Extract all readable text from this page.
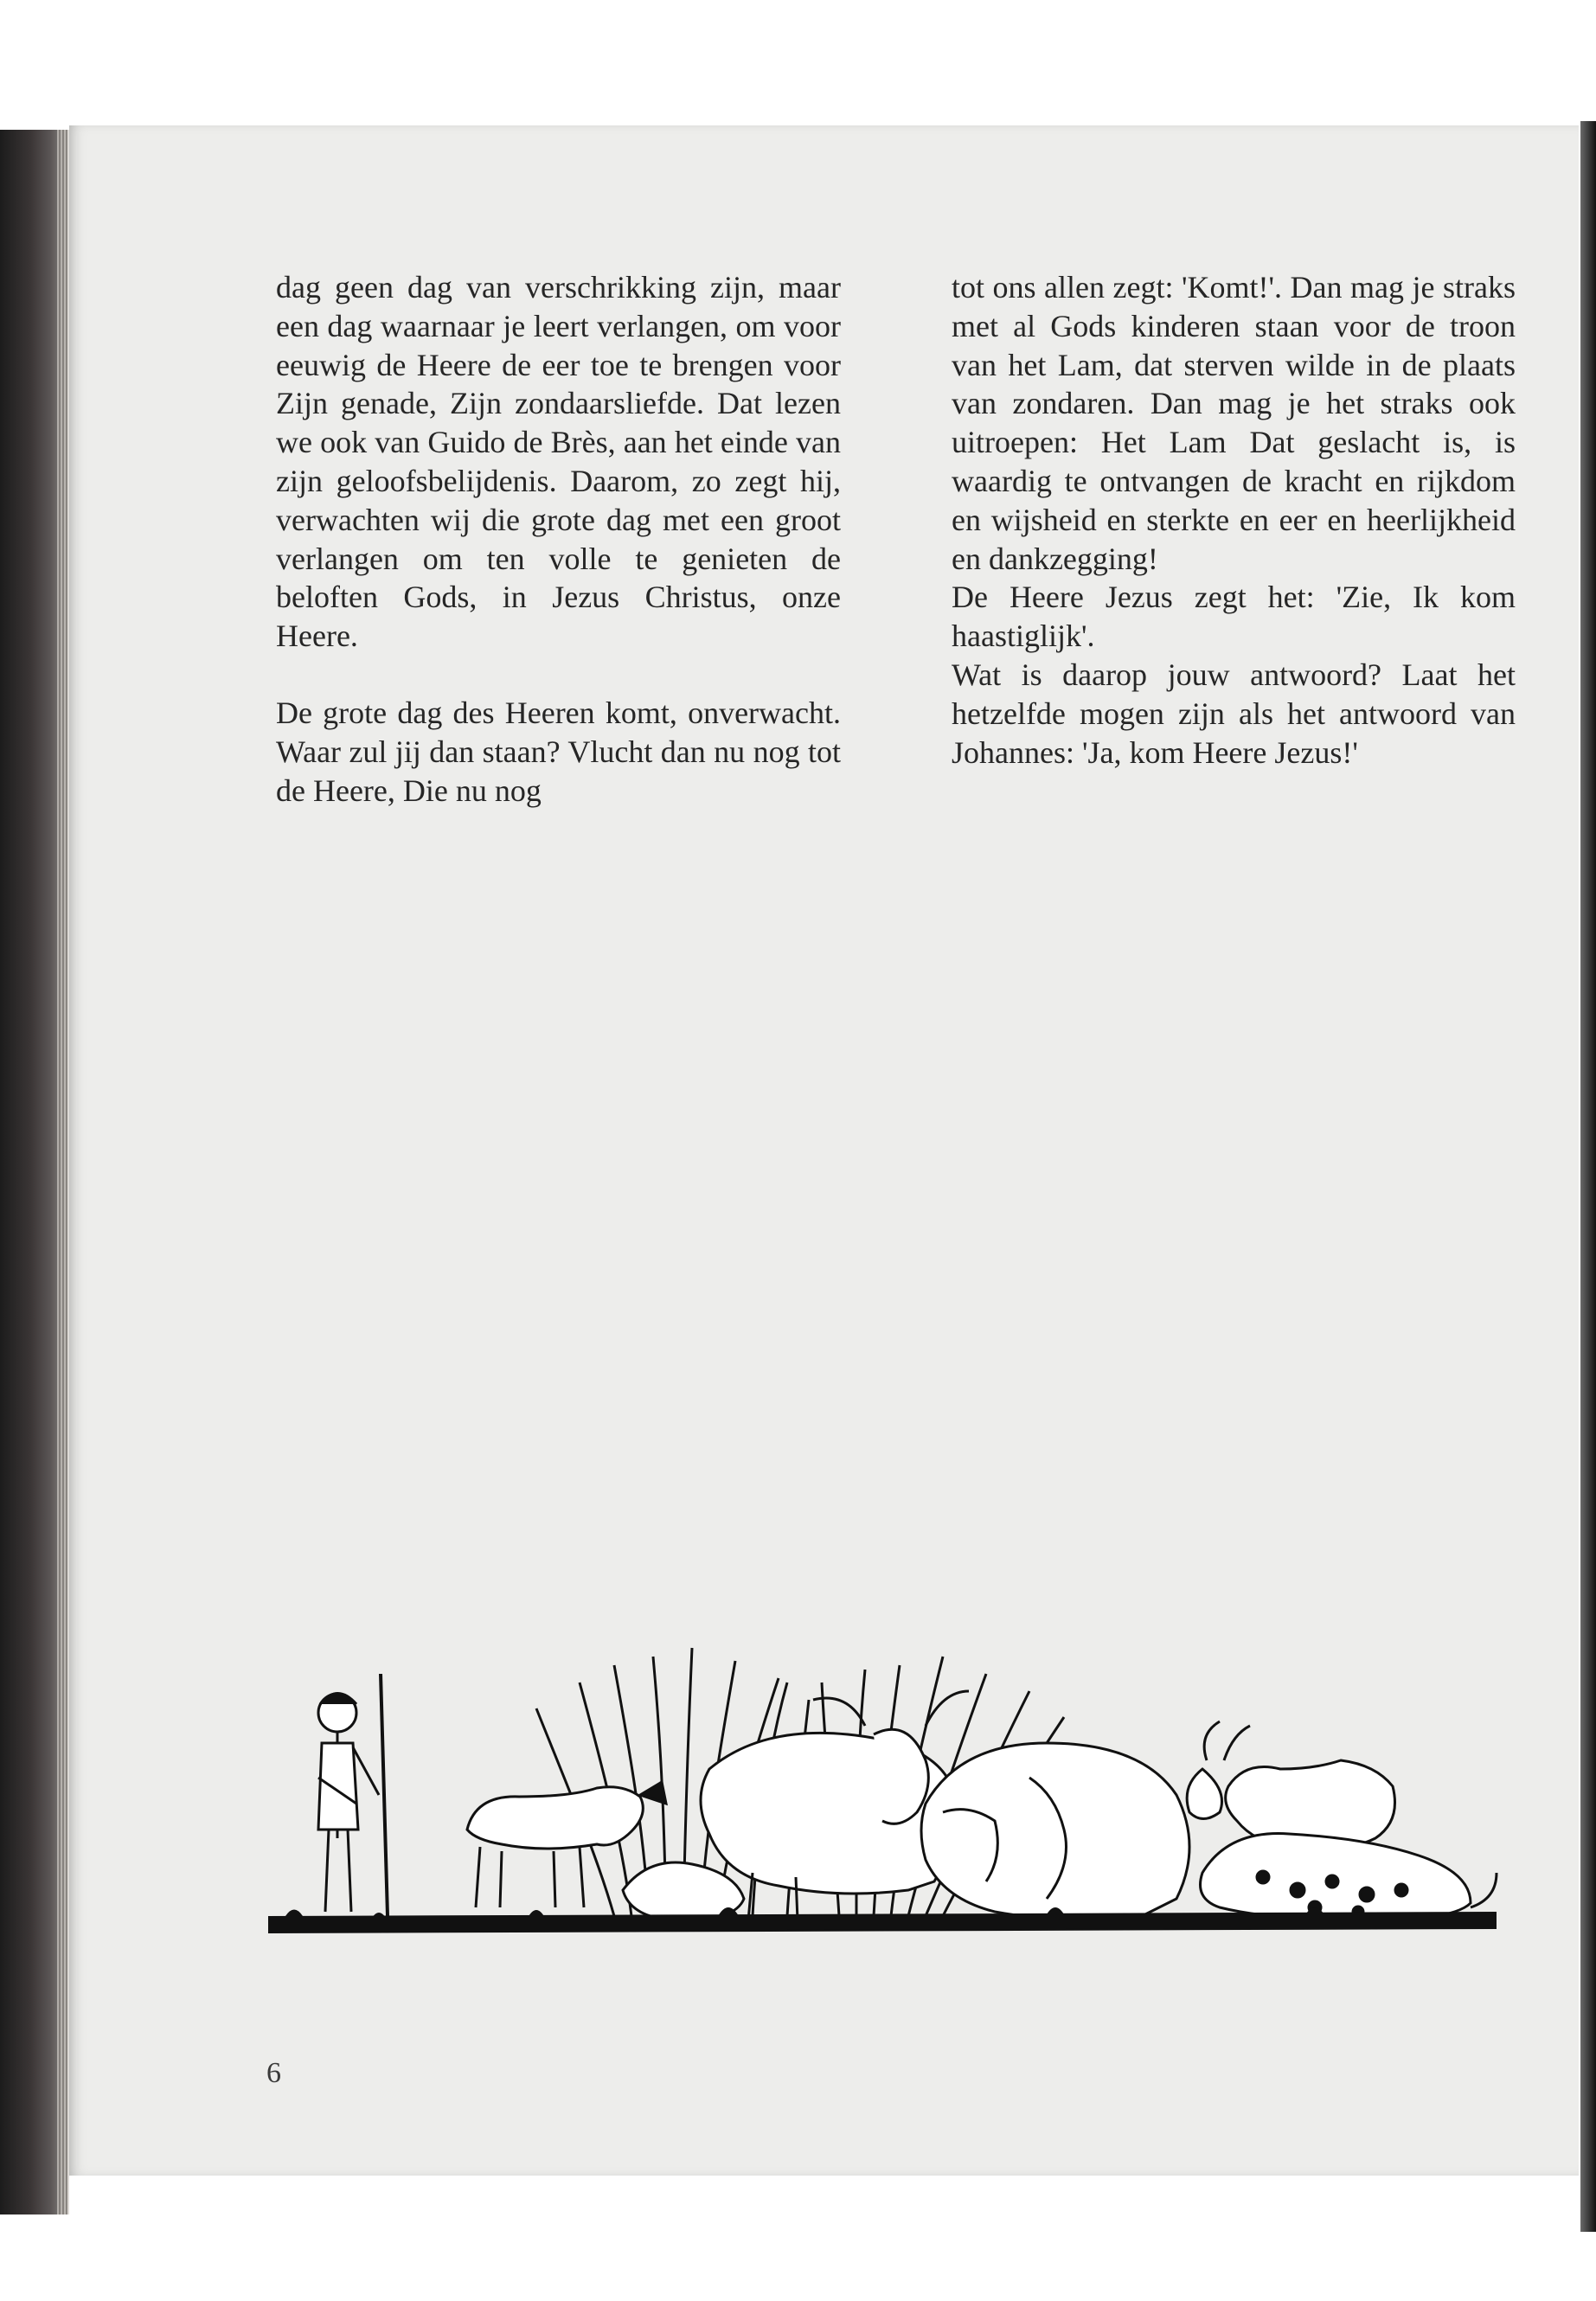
dag geen dag van verschrikking zijn, maar een dag waarnaar je leert verlangen, om voor eeuwig de Heere de eer toe te brengen voor Zijn genade, Zijn zondaarsliefde. Dat lezen we ook van Guido de Brès, aan het einde van zijn geloofsbelijdenis. Daarom, zo zegt hij, verwachten wij die grote dag met een groot verlangen om ten volle te genieten de beloften Gods, in Jezus Christus, onze Heere.

De grote dag des Heeren komt, onverwacht. Waar zul jij dan staan? Vlucht dan nu nog tot de Heere, Die nu nog

tot ons allen zegt: 'Komt!'. Dan mag je straks met al Gods kinderen staan voor de troon van het Lam, dat sterven wilde in de plaats van zondaren. Dan mag je het straks ook uitroepen: Het Lam Dat geslacht is, is waardig te ontvangen de kracht en rijkdom en wijsheid en sterkte en eer en heerlijkheid en dankzegging!

De Heere Jezus zegt het: 'Zie, Ik kom haastiglijk'.

Wat is daarop jouw antwoord? Laat het hetzelfde mogen zijn als het antwoord van Johannes: 'Ja, kom Heere Jezus!'

6
